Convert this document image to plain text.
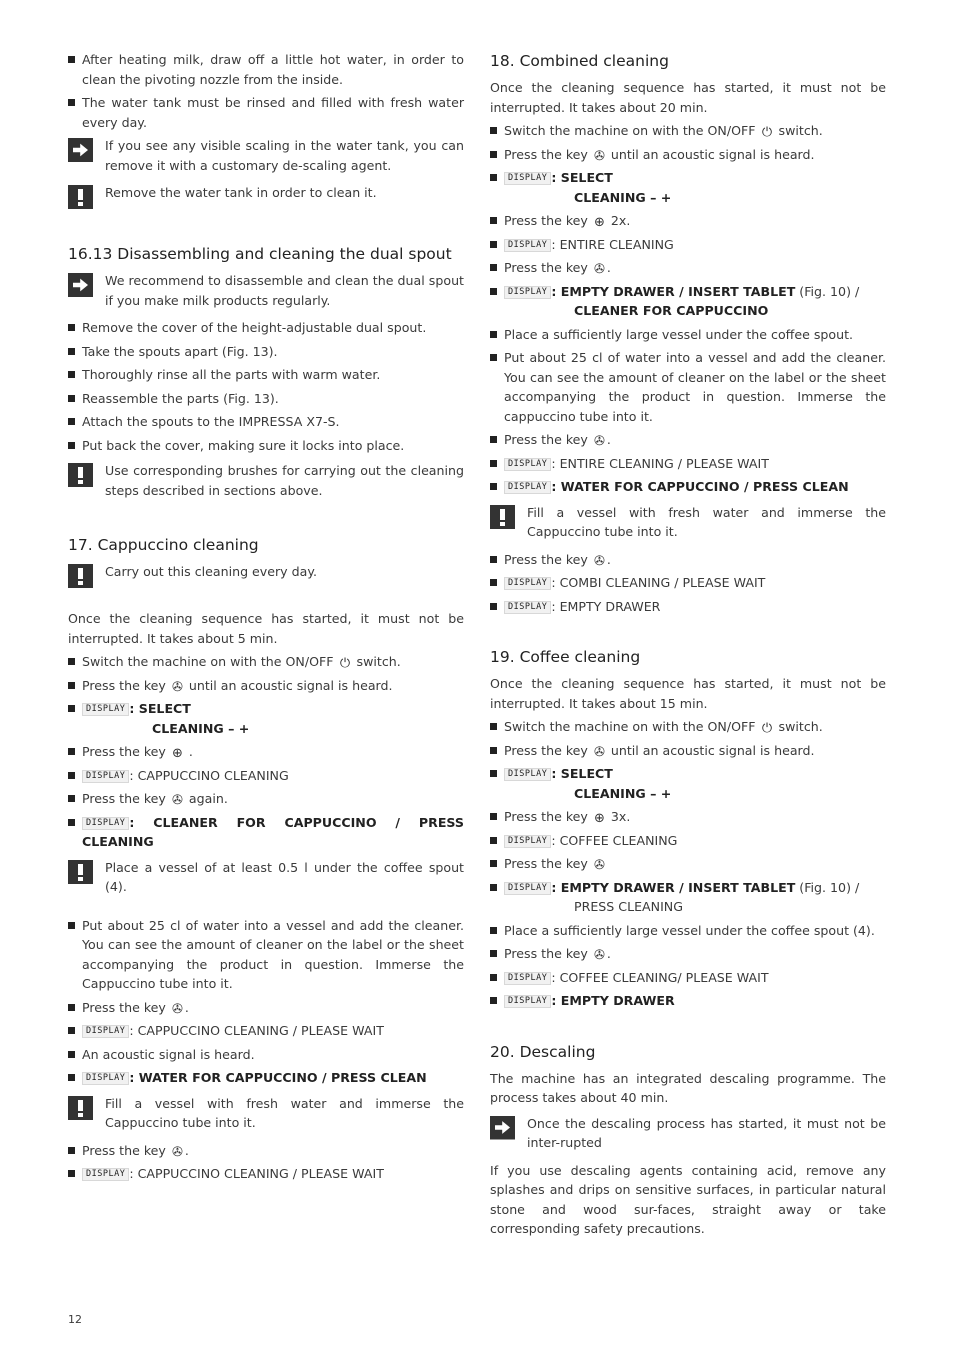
After heating milk, draw off a little hot water, in order to clean the pivoting nozzle from the inside.
The water tank must be rinsed and filled with fresh water every day.
If you see any visible scaling in the water tank, you can remove it with a customary de-scaling agent.
Remove the water tank in order to clean it.
16.13 Disassembling and cleaning the dual spout
We recommend to disassemble and clean the dual spout if you make milk products regularly.
Remove the cover of the height-adjustable dual spout.
Take the spouts apart (Fig. 13).
Thoroughly rinse all the parts with warm water.
Reassemble the parts (Fig. 13).
Attach the spouts to the IMPRESSA X7-S.
Put back the cover, making sure it locks into place.
Use corresponding brushes for carrying out the cleaning steps described in sections above.
17. Cappuccino cleaning
Carry out this cleaning every day.
Once the cleaning sequence has started, it must not be interrupted. It takes about 5 min.
Switch the machine on with the ON/OFF ⏻ switch.
Press the key ✇ until an acoustic signal is heard.
DISPLAY : SELECT
CLEANING – +
Press the key ⊕ .
DISPLAY : CAPPUCCINO CLEANING
Press the key ✇ again.
DISPLAY : CLEANER FOR CAPPUCCINO / PRESS CLEANING
Place a vessel of at least 0.5 l under the coffee spout (4).
Put about 25 cl of water into a vessel and add the cleaner. You can see the amount of cleaner on the label or the sheet accompanying the product in question. Immerse the Cappuccino tube into it.
Press the key ✇ .
DISPLAY : CAPPUCCINO CLEANING / PLEASE WAIT
An acoustic signal is heard.
DISPLAY : WATER FOR CAPPUCCINO / PRESS CLEAN
Fill a vessel with fresh water and immerse the Cappuccino tube into it.
Press the key ✇ .
DISPLAY : CAPPUCCINO CLEANING / PLEASE WAIT
18. Combined cleaning
Once the cleaning sequence has started, it must not be interrupted. It takes about 20 min.
Switch the machine on with the ON/OFF ⏻ switch.
Press the key ✇ until an acoustic signal is heard.
DISPLAY : SELECT
CLEANING – +
Press the key ⊕ 2x.
DISPLAY : ENTIRE CLEANING
Press the key ✇ .
DISPLAY : EMPTY DRAWER / INSERT TABLET (Fig. 10) /
CLEANER FOR CAPPUCCINO
Place a sufficiently large vessel under the coffee spout.
Put about 25 cl of water into a vessel and add the cleaner. You can see the amount of cleaner on the label or the sheet accompanying the product in question. Immerse the cappuccino tube into it.
Press the key ✇ .
DISPLAY : ENTIRE CLEANING / PLEASE WAIT
DISPLAY : WATER FOR CAPPUCCINO / PRESS CLEAN
Fill a vessel with fresh water and immerse the Cappuccino tube into it.
Press the key ✇ .
DISPLAY : COMBI CLEANING / PLEASE WAIT
DISPLAY : EMPTY DRAWER
19. Coffee cleaning
Once the cleaning sequence has started, it must not be interrupted. It takes about 15 min.
Switch the machine on with the ON/OFF ⏻ switch.
Press the key ✇ until an acoustic signal is heard.
DISPLAY : SELECT
CLEANING – +
Press the key ⊕ 3x.
DISPLAY : COFFEE CLEANING
Press the key ✇
DISPLAY : EMPTY DRAWER / INSERT TABLET (Fig. 10) /
PRESS CLEANING
Place a sufficiently large vessel under the coffee spout (4).
Press the key ✇ .
DISPLAY : COFFEE CLEANING/ PLEASE WAIT
DISPLAY : EMPTY DRAWER
20. Descaling
The machine has an integrated descaling programme. The process takes about 40 min.
Once the descaling process has started, it must not be inter-rupted
If you use descaling agents containing acid, remove any splashes and drips on sensitive surfaces, in particular natural stone and wood sur-faces, straight away or take corresponding safety precautions.
12
